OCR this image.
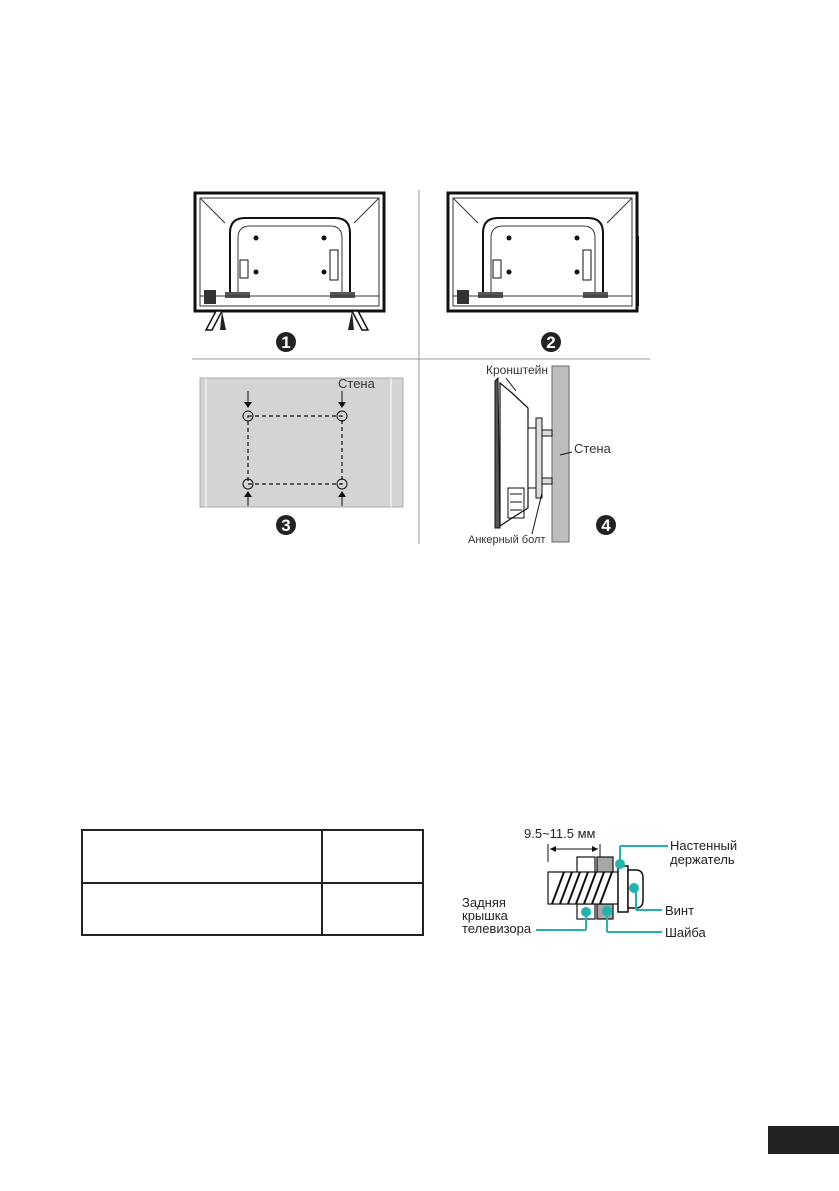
1	2
Стена
3
Кронштейн
Стена
Анкерный болт
4

9.5~11.5 мм
Настенный
держатель
Винт
Шайба
Задняя
крышка
телевизора
